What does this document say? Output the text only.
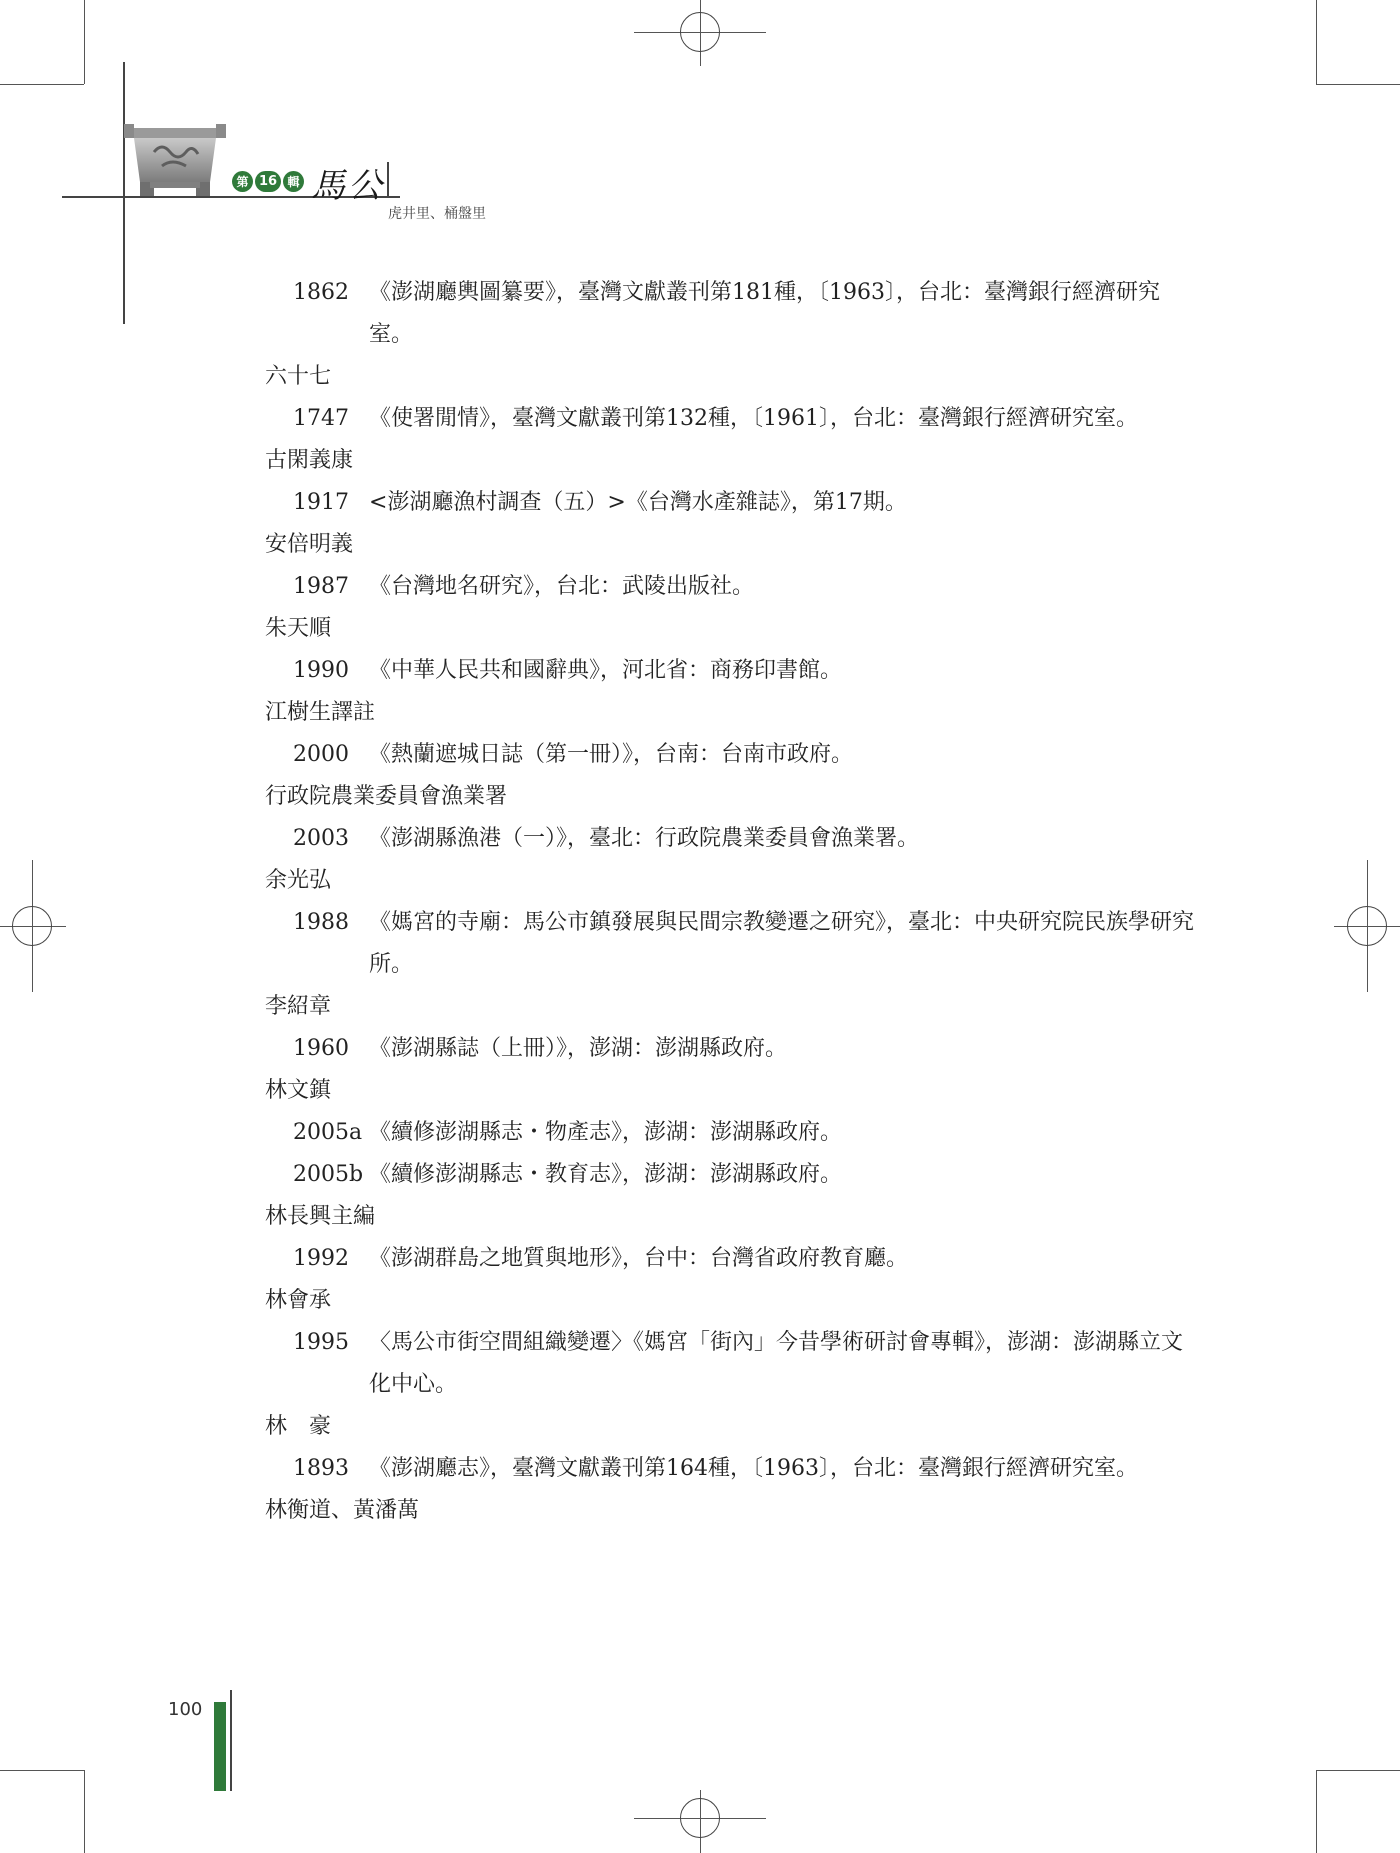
第 16 輯 馬公
虎井里、桶盤里
1862 《澎湖廳輿圖纂要》，臺灣文獻叢刊第181種，〔1963〕，台北：臺灣銀行經濟研究室。

六十七

1747 《使署閒情》，臺灣文獻叢刊第132種，〔1961〕，台北：臺灣銀行經濟研究室。

古閑義康

1917 <澎湖廳漁村調查（五）>《台灣水產雜誌》，第17期。

安倍明義

1987 《台灣地名研究》，台北：武陵出版社。

朱天順

1990 《中華人民共和國辭典》，河北省：商務印書館。

江樹生譯註

2000 《熱蘭遮城日誌（第一冊）》，台南：台南市政府。

行政院農業委員會漁業署

2003 《澎湖縣漁港（一）》，臺北：行政院農業委員會漁業署。

余光弘

1988 《媽宮的寺廟：馬公市鎮發展與民間宗教變遷之研究》，臺北：中央研究院民族學研究所。

李紹章

1960 《澎湖縣誌（上冊）》，澎湖：澎湖縣政府。

林文鎮

2005a 《續修澎湖縣志・物產志》，澎湖：澎湖縣政府。
2005b 《續修澎湖縣志・教育志》，澎湖：澎湖縣政府。

林長興主編

1992 《澎湖群島之地質與地形》，台中：台灣省政府教育廳。

林會承

1995 〈馬公市街空間組織變遷〉《媽宮「街內」今昔學術研討會專輯》，澎湖：澎湖縣立文化中心。

林　豪

1893 《澎湖廳志》，臺灣文獻叢刊第164種，〔1963〕，台北：臺灣銀行經濟研究室。

林衡道、黃潘萬

100
